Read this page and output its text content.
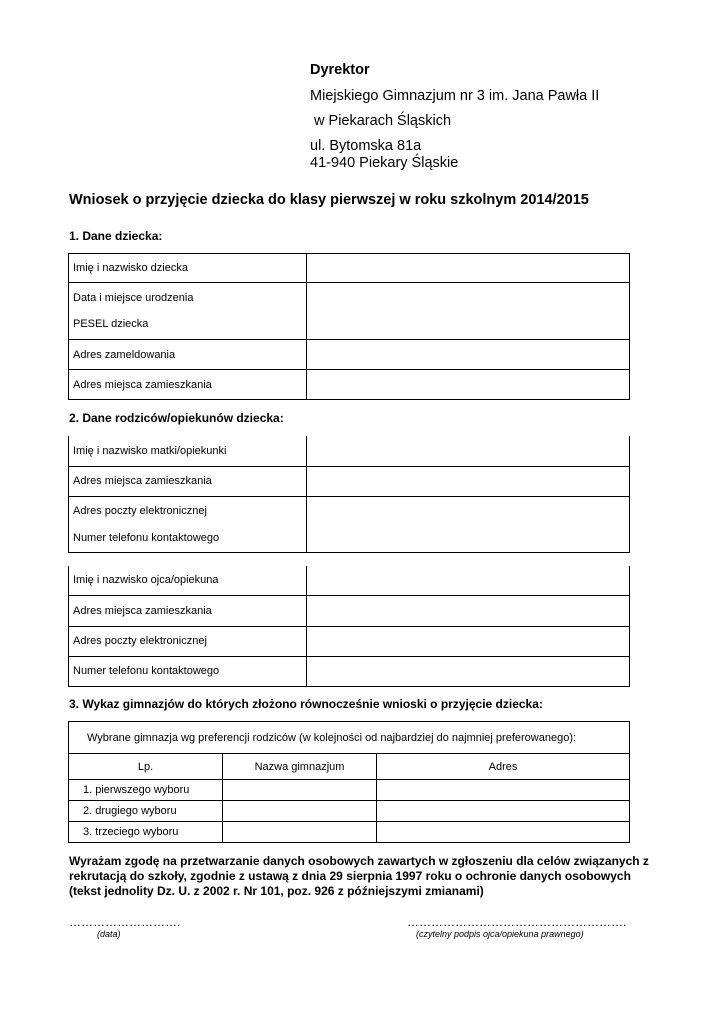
Dyrektor
Miejskiego Gimnazjum nr 3 im. Jana Pawła II
w Piekarach Śląskich
ul. Bytomska 81a
41-940 Piekary Śląskie
Wniosek o przyjęcie dziecka do klasy pierwszej w roku szkolnym 2014/2015
1. Dane dziecka:
Imię i nazwisko dziecka	

Data i miejsce urodzenia
PESEL dziecka	

Adres zameldowania	
Adres miejsca zamieszkania	
2. Dane rodziców/opiekunów dziecka:
Imię i nazwisko matki/opiekunki	
Adres miejsca zamieszkania	

Adres poczty elektronicznej
Numer telefonu kontaktowego	

Imię i nazwisko ojca/opiekuna	
Adres miejsca zamieszkania	
Adres poczty elektronicznej	
Numer telefonu kontaktowego	
3. Wykaz gimnazjów do których złożono równocześnie wnioski o przyjęcie dziecka:
Wybrane gimnazja wg preferencji rodziców (w kolejności od najbardziej do najmniej preferowanego):		
Lp.	Nazwa gimnazjum	Adres
1. pierwszego wyboru		
2. drugiego wyboru		
3. trzeciego wyboru		
Wyrażam zgodę na przetwarzanie danych osobowych zawartych w zgłoszeniu dla celów związanych z rekrutacją do szkoły, zgodnie z ustawą z dnia 29 sierpnia 1997 roku o ochronie danych osobowych (tekst jednolity Dz. U. z 2002 r. Nr 101, poz. 926 z późniejszymi zmianami)
……………………….
(data)
……………………………………………….
(czytelny podpis ojca/opiekuna prawnego)
